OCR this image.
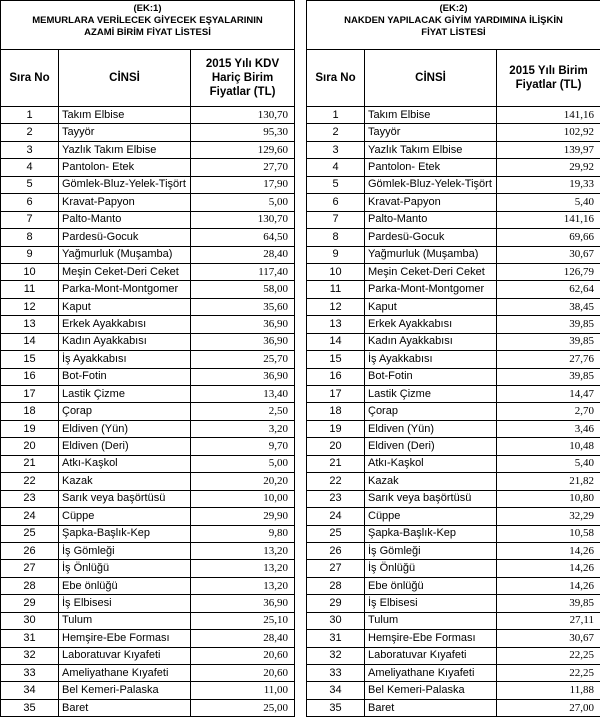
(EK:1)
MEMURLARA VERİLECEK GİYECEK EŞYALARININ
AZAMİ BİRİM FİYAT LİSTESİ		

Sıra No	CİNSİ	2015 Yılı KDV Hariç Birim Fiyatlar (TL)
1	Takım Elbise	130,70
2	Tayyör	95,30
3	Yazlık Takım Elbise	129,60
4	Pantolon- Etek	27,70
5	Gömlek-Bluz-Yelek-Tişört	17,90
6	Kravat-Papyon	5,00
7	Palto-Manto	130,70
8	Pardesü-Gocuk	64,50
9	Yağmurluk (Muşamba)	28,40
10	Meşin Ceket-Deri Ceket	117,40
11	Parka-Mont-Montgomer	58,00
12	Kaput	35,60
13	Erkek Ayakkabısı	36,90
14	Kadın Ayakkabısı	36,90
15	İş Ayakkabısı	25,70
16	Bot-Fotin	36,90
17	Lastik Çizme	13,40
18	Çorap	2,50
19	Eldiven (Yün)	3,20
20	Eldiven (Deri)	9,70
21	Atkı-Kaşkol	5,00
22	Kazak	20,20
23	Sarık veya başörtüsü	10,00
24	Cüppe	29,90
25	Şapka-Başlık-Kep	9,80
26	İş Gömleği	13,20
27	İş Önlüğü	13,20
28	Ebe önlüğü	13,20
29	İş Elbisesi	36,90
30	Tulum	25,10
31	Hemşire-Ebe Forması	28,40
32	Laboratuvar Kıyafeti	20,60
33	Ameliyathane Kıyafeti	20,60
34	Bel Kemeri-Palaska	11,00
35	Baret	25,00
(EK:2)
NAKDEN YAPILACAK GİYİM YARDIMINA İLİŞKİN
FİYAT LİSTESİ		

Sıra No	CİNSİ	2015 Yılı Birim Fiyatlar (TL)
1	Takım Elbise	141,16
2	Tayyör	102,92
3	Yazlık Takım Elbise	139,97
4	Pantolon- Etek	29,92
5	Gömlek-Bluz-Yelek-Tişört	19,33
6	Kravat-Papyon	5,40
7	Palto-Manto	141,16
8	Pardesü-Gocuk	69,66
9	Yağmurluk (Muşamba)	30,67
10	Meşin Ceket-Deri Ceket	126,79
11	Parka-Mont-Montgomer	62,64
12	Kaput	38,45
13	Erkek Ayakkabısı	39,85
14	Kadın Ayakkabısı	39,85
15	İş Ayakkabısı	27,76
16	Bot-Fotin	39,85
17	Lastik Çizme	14,47
18	Çorap	2,70
19	Eldiven (Yün)	3,46
20	Eldiven (Deri)	10,48
21	Atkı-Kaşkol	5,40
22	Kazak	21,82
23	Sarık veya başörtüsü	10,80
24	Cüppe	32,29
25	Şapka-Başlık-Kep	10,58
26	İş Gömleği	14,26
27	İş Önlüğü	14,26
28	Ebe önlüğü	14,26
29	İş Elbisesi	39,85
30	Tulum	27,11
31	Hemşire-Ebe Forması	30,67
32	Laboratuvar Kıyafeti	22,25
33	Ameliyathane Kıyafeti	22,25
34	Bel Kemeri-Palaska	11,88
35	Baret	27,00
